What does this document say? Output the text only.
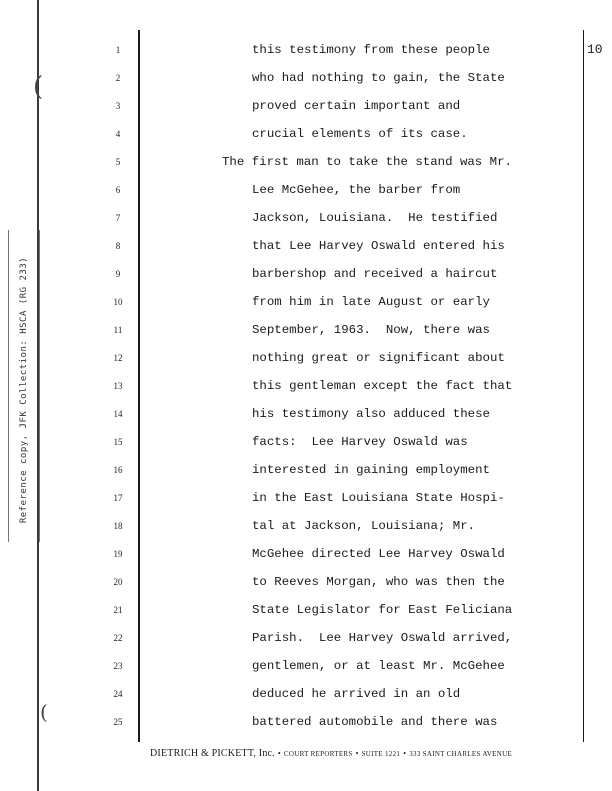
(
(
Reference copy, JFK Collection: HSCA (RG 233)
10
1
2
3
4
5
6
7
8
9
10
11
12
13
14
15
16
17
18
19
20
21
22
23
24
25
this testimony from these people
who had nothing to gain, the State
proved certain important and
crucial elements of its case.
The first man to take the stand was Mr.
Lee McGehee, the barber from
Jackson, Louisiana.  He testified
that Lee Harvey Oswald entered his
barbershop and received a haircut
from him in late August or early
September, 1963.  Now, there was
nothing great or significant about
this gentleman except the fact that
his testimony also adduced these
facts:  Lee Harvey Oswald was
interested in gaining employment
in the East Louisiana State Hospi-
tal at Jackson, Louisiana; Mr.
McGehee directed Lee Harvey Oswald
to Reeves Morgan, who was then the
State Legislator for East Feliciana
Parish.  Lee Harvey Oswald arrived,
gentlemen, or at least Mr. McGehee
deduced he arrived in an old
battered automobile and there was
DIETRICH & PICKETT, Inc. • COURT REPORTERS • SUITE 1221 • 333 SAINT CHARLES AVENUE
